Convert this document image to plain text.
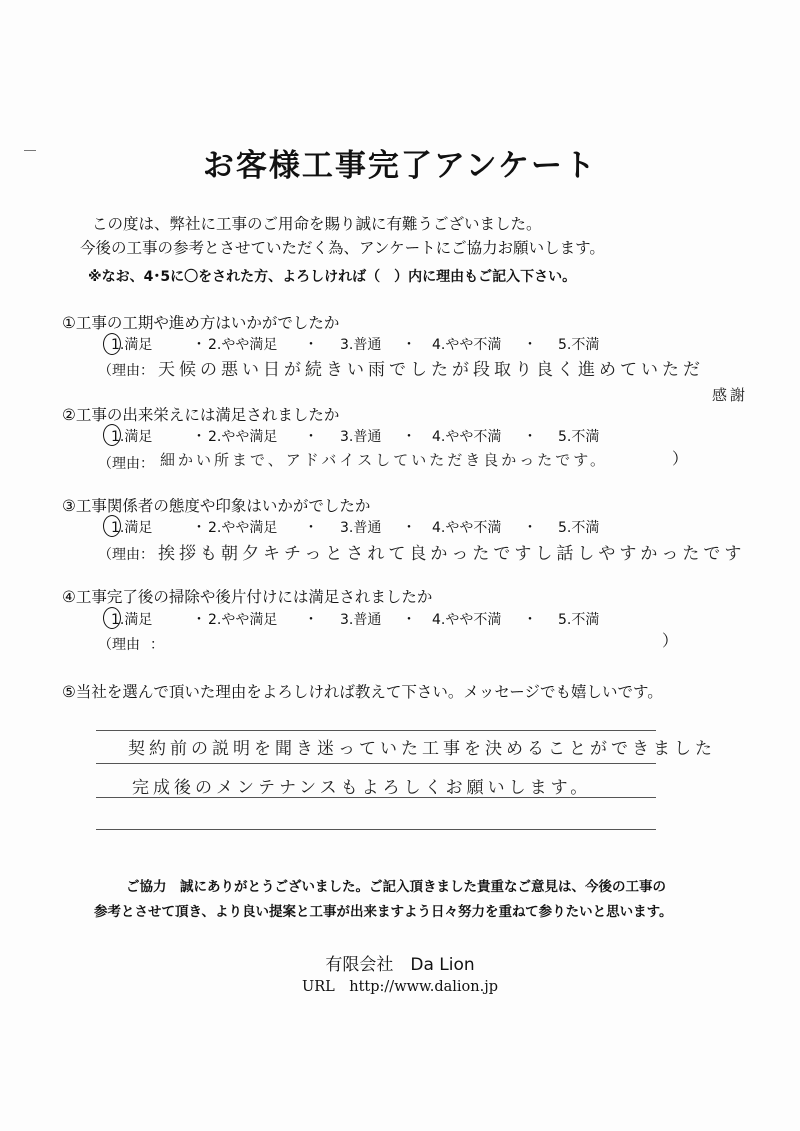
お客様工事完了アンケート
この度は、弊社に工事のご用命を賜り誠に有難うございました。
今後の工事の参考とさせていただく為、アンケートにご協力お願いします。
※なお、4･5に〇をされた方、よろしければ（　）内に理由もご記入下さい。
①工事の工期や進め方はいかがでしたか
1.満足	・ 2.やや満足 ・ 3.普通 ・ 4.やや不満 ・ 5.不満
（理由： 天候の悪い日が続きい雨でしたが段取り良く進めていただ
感謝
②工事の出来栄えには満足されましたか
1.満足	・ 2.やや満足 ・ 3.普通 ・ 4.やや不満 ・ 5.不満
（理由： 細かい所まで、アドバイスしていただき良かったです。	）
③工事関係者の態度や印象はいかがでしたか
1.満足	・ 2.やや満足 ・ 3.普通 ・ 4.やや不満 ・ 5.不満
（理由： 挨拶も朝夕キチっとされて良かったですし話しやすかったです
④工事完了後の掃除や後片付けには満足されましたか
1.満足	・ 2.やや満足 ・ 3.普通 ・ 4.やや不満 ・ 5.不満
（理由 ：	）
⑤当社を選んで頂いた理由をよろしければ教えて下さい。メッセージでも嬉しいです。
契約前の説明を聞き迷っていた工事を決めることができました
完成後のメンテナンスもよろしくお願いします。
ご協力　誠にありがとうございました。ご記入頂きました貴重なご意見は、今後の工事の
参考とさせて頂き、より良い提案と工事が出来ますよう日々努力を重ねて参りたいと思います。
有限会社　Da Lion
URL　http://www.dalion.jp
